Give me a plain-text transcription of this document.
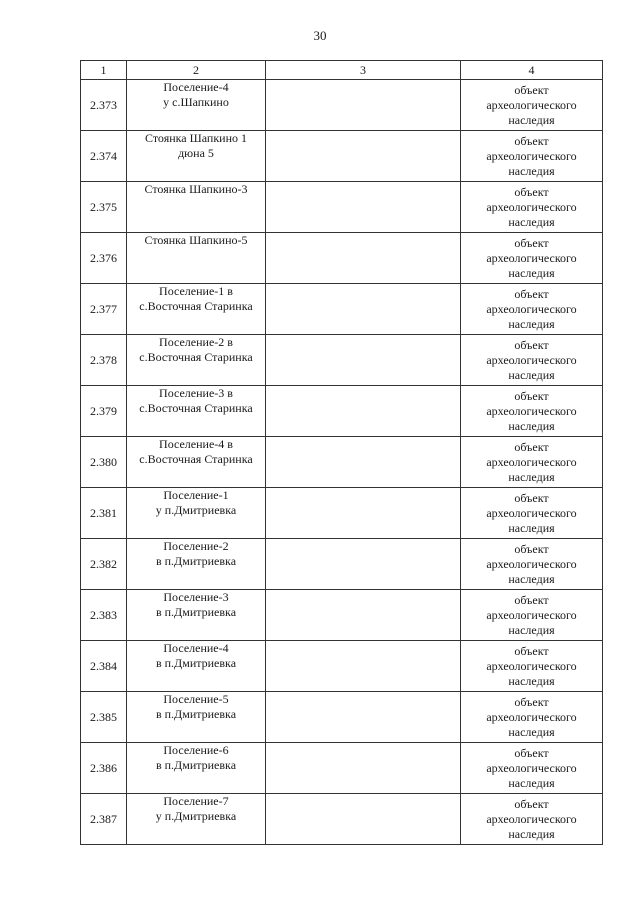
30
1	2	3	4
2.373	Поселение-4
у с.Шапкино		объект
археологического
наследия

2.374	Стоянка Шапкино 1
дюна 5		объект
археологического
наследия

2.375	Стоянка Шапкино-3		объект
археологического
наследия

2.376	Стоянка Шапкино-5		объект
археологического
наследия

2.377	Поселение-1 в
с.Восточная Старинка		объект
археологического
наследия

2.378	Поселение-2 в
с.Восточная Старинка		объект
археологического
наследия

2.379	Поселение-3 в
с.Восточная Старинка		объект
археологического
наследия

2.380	Поселение-4 в
с.Восточная Старинка		объект
археологического
наследия

2.381	Поселение-1
у п.Дмитриевка		объект
археологического
наследия

2.382	Поселение-2
в п.Дмитриевка		объект
археологического
наследия

2.383	Поселение-3
в п.Дмитриевка		объект
археологического
наследия

2.384	Поселение-4
в п.Дмитриевка		объект
археологического
наследия

2.385	Поселение-5
в п.Дмитриевка		объект
археологического
наследия

2.386	Поселение-6
в п.Дмитриевка		объект
археологического
наследия

2.387	Поселение-7
у п.Дмитриевка		объект
археологического
наследия
